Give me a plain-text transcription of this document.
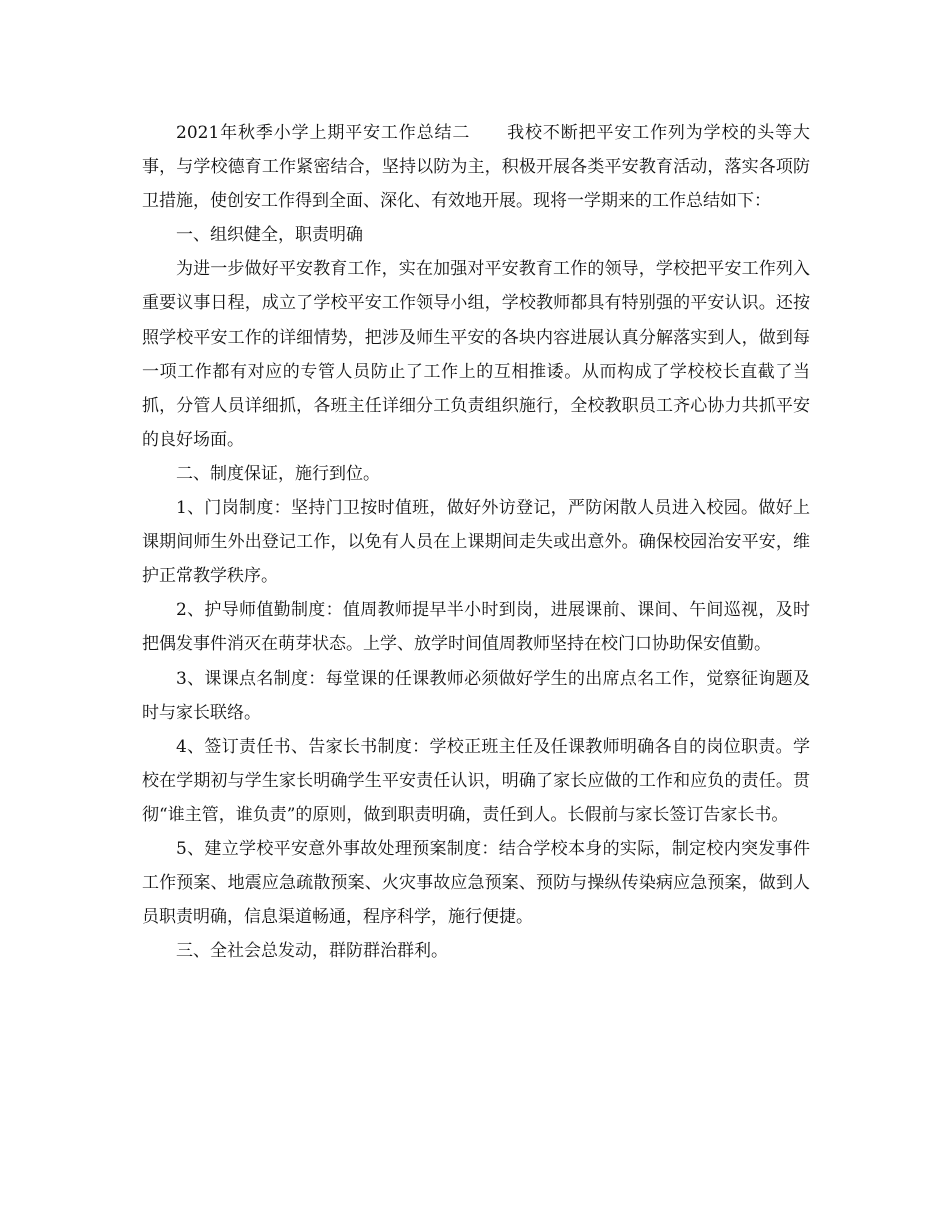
2021年秋季小学上期平安工作总结二 我校不断把平安工作列为学校的头等大事，与学校德育工作紧密结合，坚持以防为主，积极开展各类平安教育活动，落实各项防卫措施，使创安工作得到全面、深化、有效地开展。现将一学期来的工作总结如下：

一、组织健全，职责明确

为进一步做好平安教育工作，实在加强对平安教育工作的领导，学校把平安工作列入重要议事日程，成立了学校平安工作领导小组，学校教师都具有特别强的平安认识。还按照学校平安工作的详细情势，把涉及师生平安的各块内容进展认真分解落实到人，做到每一项工作都有对应的专管人员防止了工作上的互相推诿。从而构成了学校校长直截了当抓，分管人员详细抓，各班主任详细分工负责组织施行，全校教职员工齐心协力共抓平安的良好场面。

二、制度保证，施行到位。

1、门岗制度：坚持门卫按时值班，做好外访登记，严防闲散人员进入校园。做好上课期间师生外出登记工作，以免有人员在上课期间走失或出意外。确保校园治安平安，维护正常教学秩序。

2、护导师值勤制度：值周教师提早半小时到岗，进展课前、课间、午间巡视，及时把偶发事件消灭在萌芽状态。上学、放学时间值周教师坚持在校门口协助保安值勤。

3、课课点名制度：每堂课的任课教师必须做好学生的出席点名工作，觉察征询题及时与家长联络。

4、签订责任书、告家长书制度：学校正班主任及任课教师明确各自的岗位职责。学校在学期初与学生家长明确学生平安责任认识，明确了家长应做的工作和应负的责任。贯彻“谁主管，谁负责”的原则，做到职责明确，责任到人。长假前与家长签订告家长书。

5、建立学校平安意外事故处理预案制度：结合学校本身的实际，制定校内突发事件工作预案、地震应急疏散预案、火灾事故应急预案、预防与操纵传染病应急预案，做到人员职责明确，信息渠道畅通，程序科学，施行便捷。

三、全社会总发动，群防群治群利。
